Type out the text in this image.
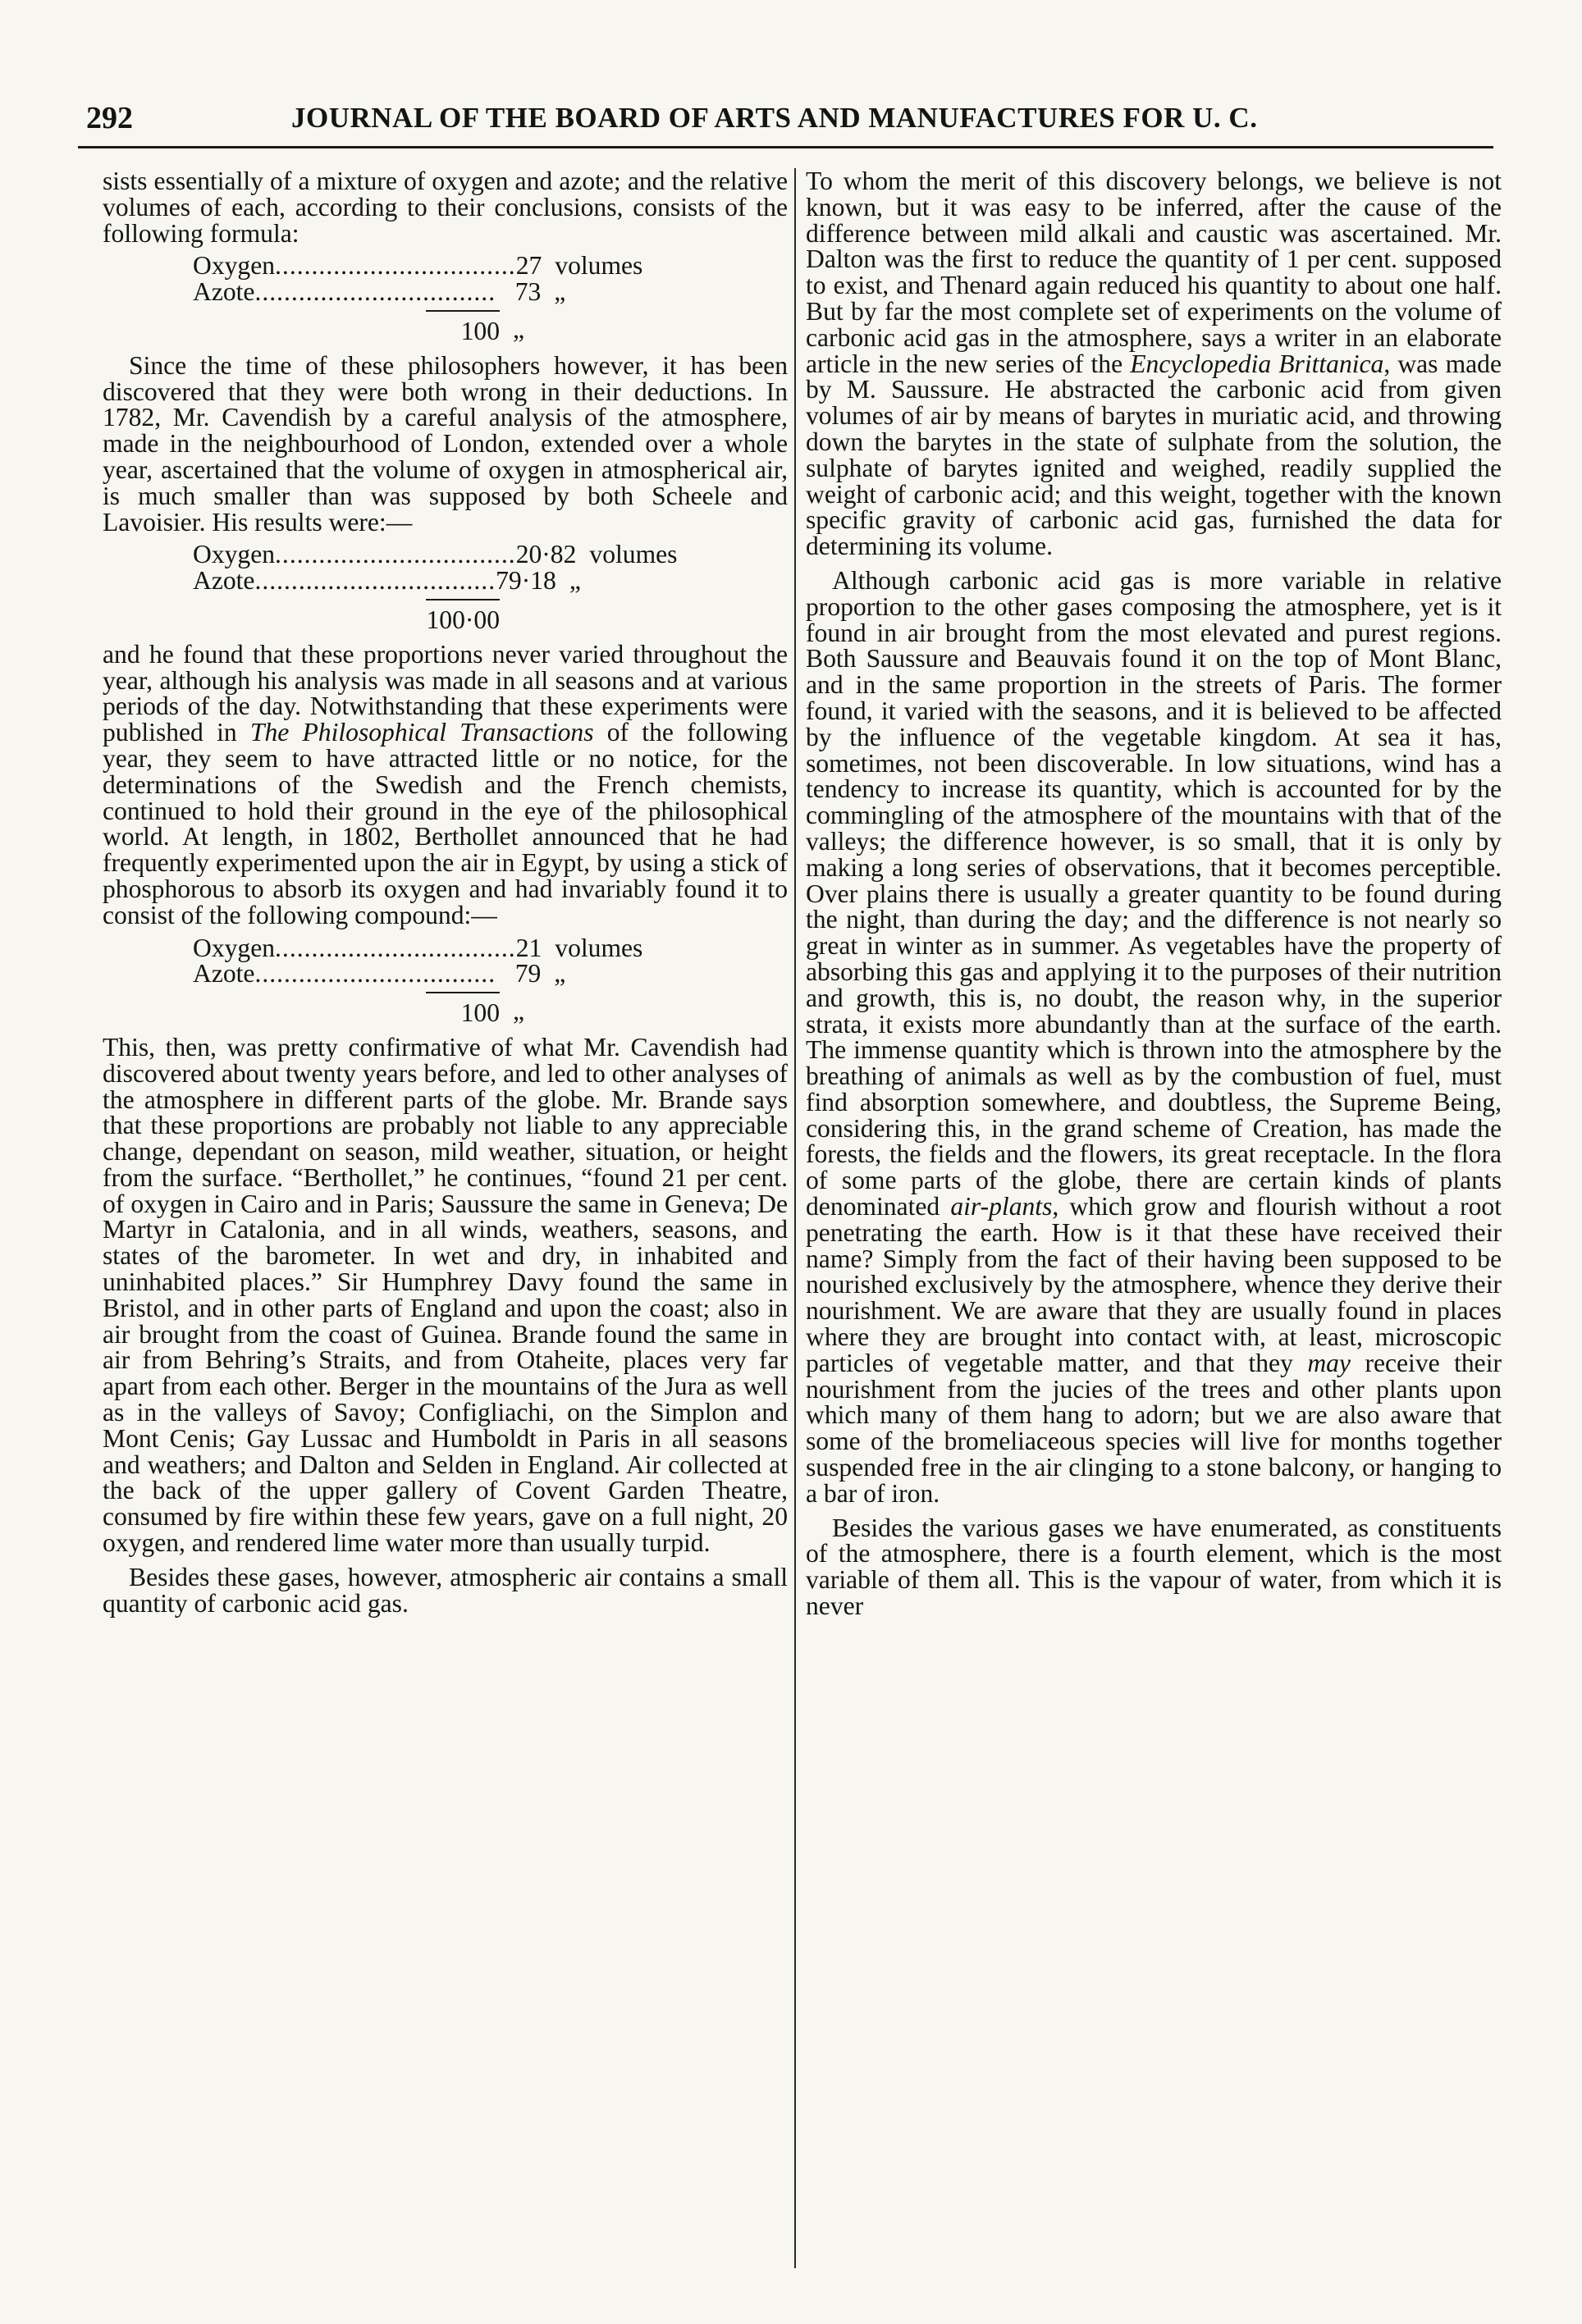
292	JOURNAL OF THE BOARD OF ARTS AND MANUFACTURES FOR U. C.

sists essentially of a mixture of oxygen and azote; and the relative volumes of each, according to their conclusions, consists of the following formula:

Oxygen................................. 27 volumes
Azote................................. 73 „
100 „

Since the time of these philosophers however, it has been discovered that they were both wrong in their deductions. In 1782, Mr. Cavendish by a careful analysis of the atmosphere, made in the neighbourhood of London, extended over a whole year, ascertained that the volume of oxygen in atmospherical air, is much smaller than was supposed by both Scheele and Lavoisier. His results were:—

Oxygen................................. 20·82 volumes
Azote................................. 79·18 „
100·00

and he found that these proportions never varied throughout the year, although his analysis was made in all seasons and at various periods of the day. Notwithstanding that these experiments were published in The Philosophical Transactions of the following year, they seem to have attracted little or no notice, for the determinations of the Swedish and the French chemists, continued to hold their ground in the eye of the philosophical world. At length, in 1802, Berthollet announced that he had frequently experimented upon the air in Egypt, by using a stick of phosphorous to absorb its oxygen and had invariably found it to consist of the following compound:—

Oxygen................................. 21 volumes
Azote................................. 79 „
100 „

This, then, was pretty confirmative of what Mr. Cavendish had discovered about twenty years before, and led to other analyses of the atmosphere in different parts of the globe. Mr. Brande says that these proportions are probably not liable to any appreciable change, dependant on season, mild weather, situation, or height from the surface. “Berthollet,” he continues, “found 21 per cent. of oxygen in Cairo and in Paris; Saussure the same in Geneva; De Martyr in Catalonia, and in all winds, weathers, seasons, and states of the barometer. In wet and dry, in inhabited and uninhabited places.” Sir Humphrey Davy found the same in Bristol, and in other parts of England and upon the coast; also in air brought from the coast of Guinea. Brande found the same in air from Behring’s Straits, and from Otaheite, places very far apart from each other. Berger in the mountains of the Jura as well as in the valleys of Savoy; Configliachi, on the Simplon and Mont Cenis; Gay Lussac and Humboldt in Paris in all seasons and weathers; and Dalton and Selden in England. Air collected at the back of the upper gallery of Covent Garden Theatre, consumed by fire within these few years, gave on a full night, 20 oxygen, and rendered lime water more than usually turpid.

Besides these gases, however, atmospheric air contains a small quantity of carbonic acid gas.

To whom the merit of this discovery belongs, we believe is not known, but it was easy to be inferred, after the cause of the difference between mild alkali and caustic was ascertained. Mr. Dalton was the first to reduce the quantity of 1 per cent. supposed to exist, and Thenard again reduced his quantity to about one half. But by far the most complete set of experiments on the volume of carbonic acid gas in the atmosphere, says a writer in an elaborate article in the new series of the Encyclopedia Brittanica, was made by M. Saussure. He abstracted the carbonic acid from given volumes of air by means of barytes in muriatic acid, and throwing down the barytes in the state of sulphate from the solution, the sulphate of barytes ignited and weighed, readily supplied the weight of carbonic acid; and this weight, together with the known specific gravity of carbonic acid gas, furnished the data for determining its volume.

Although carbonic acid gas is more variable in relative proportion to the other gases composing the atmosphere, yet is it found in air brought from the most elevated and purest regions. Both Saussure and Beauvais found it on the top of Mont Blanc, and in the same proportion in the streets of Paris. The former found, it varied with the seasons, and it is believed to be affected by the influence of the vegetable kingdom. At sea it has, sometimes, not been discoverable. In low situations, wind has a tendency to increase its quantity, which is accounted for by the commingling of the atmosphere of the mountains with that of the valleys; the difference however, is so small, that it is only by making a long series of observations, that it becomes perceptible. Over plains there is usually a greater quantity to be found during the night, than during the day; and the difference is not nearly so great in winter as in summer. As vegetables have the property of absorbing this gas and applying it to the purposes of their nutrition and growth, this is, no doubt, the reason why, in the superior strata, it exists more abundantly than at the surface of the earth. The immense quantity which is thrown into the atmosphere by the breathing of animals as well as by the combustion of fuel, must find absorption somewhere, and doubtless, the Supreme Being, considering this, in the grand scheme of Creation, has made the forests, the fields and the flowers, its great receptacle. In the flora of some parts of the globe, there are certain kinds of plants denominated air-plants, which grow and flourish without a root penetrating the earth. How is it that these have received their name? Simply from the fact of their having been supposed to be nourished exclusively by the atmosphere, whence they derive their nourishment. We are aware that they are usually found in places where they are brought into contact with, at least, microscopic particles of vegetable matter, and that they may receive their nourishment from the jucies of the trees and other plants upon which many of them hang to adorn; but we are also aware that some of the bromeliaceous species will live for months together suspended free in the air clinging to a stone balcony, or hanging to a bar of iron.

Besides the various gases we have enumerated, as constituents of the atmosphere, there is a fourth element, which is the most variable of them all. This is the vapour of water, from which it is never
